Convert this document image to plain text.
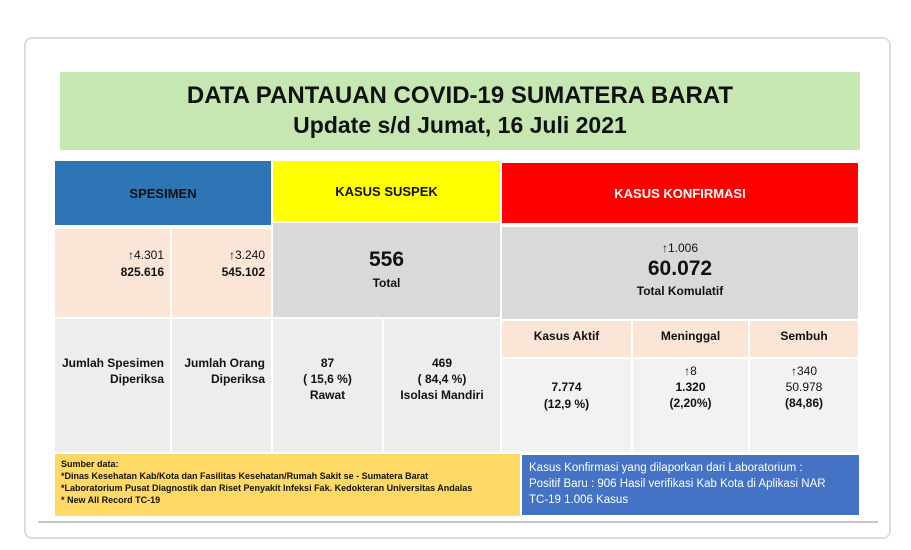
DATA PANTAUAN COVID-19 SUMATERA BARAT
Update s/d Jumat, 16 Juli 2021
SPESIMEN
↑4.301
825.616
↑3.240
545.102
Jumlah Spesimen
Diperiksa
Jumlah Orang
Diperiksa
KASUS SUSPEK
556
Total
87
( 15,6 %)
Rawat
469
( 84,4 %)
Isolasi Mandiri
KASUS KONFIRMASI
↑1.006
60.072
Total Komulatif
Kasus Aktif	Meninggal	Sembuh
7.774
(12,9 %)
↑8
1.320
(2,20%)
↑340
50.978
(84,86)
Sumber data:
*Dinas Kesehatan Kab/Kota dan Fasilitas Kesehatan/Rumah Sakit se - Sumatera Barat
*Laboratorium Pusat Diagnostik dan Riset Penyakit Infeksi Fak. Kedokteran Universitas Andalas
* New All Record TC-19
Kasus Konfirmasi yang dilaporkan dari Laboratorium :
Positif Baru : 906 Hasil verifikasi Kab Kota di Aplikasi NAR
TC-19 1.006 Kasus
